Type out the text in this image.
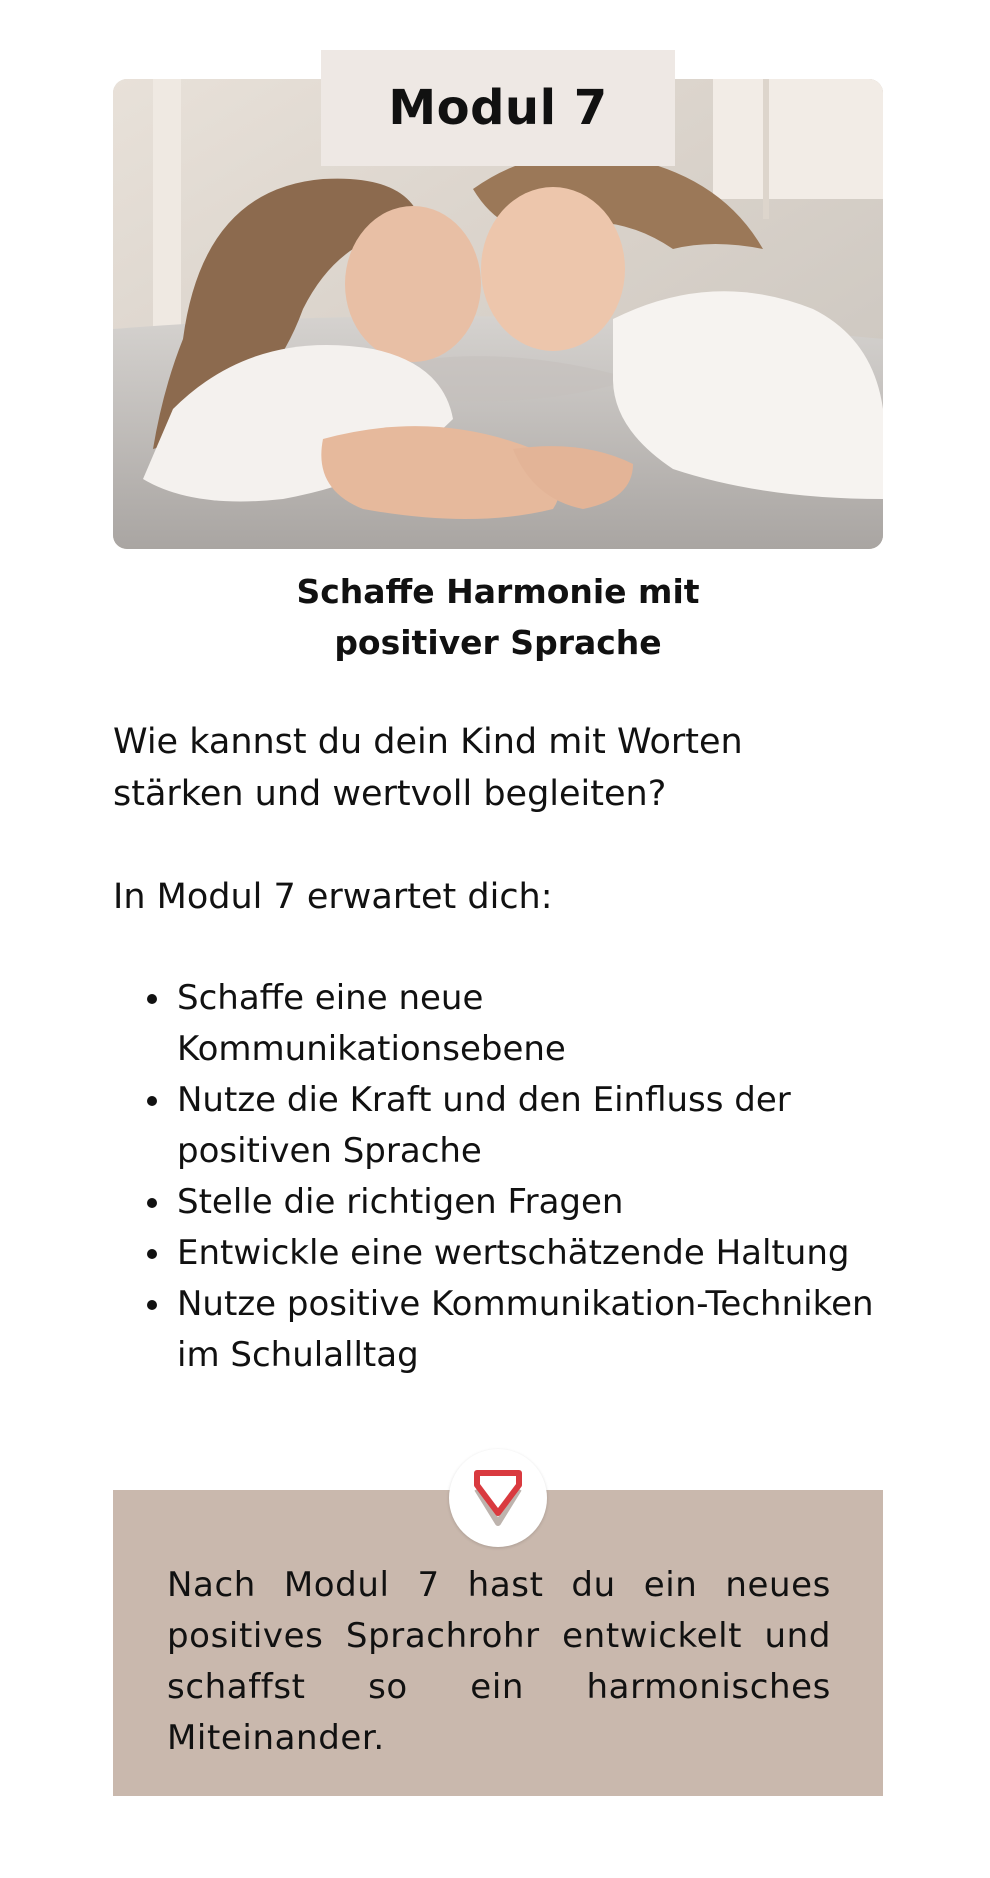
Modul 7
Schaffe Harmonie mit
positiver Sprache
Wie kannst du dein Kind mit Worten stärken und wertvoll begleiten?
In Modul 7 erwartet dich:
Schaffe eine neue Kommunikationsebene
Nutze die Kraft und den Einfluss der positiven Sprache
Stelle die richtigen Fragen
Entwickle eine wertschätzende Haltung
Nutze positive Kommunikation-Techniken im Schulalltag
Nach Modul 7 hast du ein neues positives Sprachrohr entwickelt und schaffst so ein harmonisches Miteinander.
